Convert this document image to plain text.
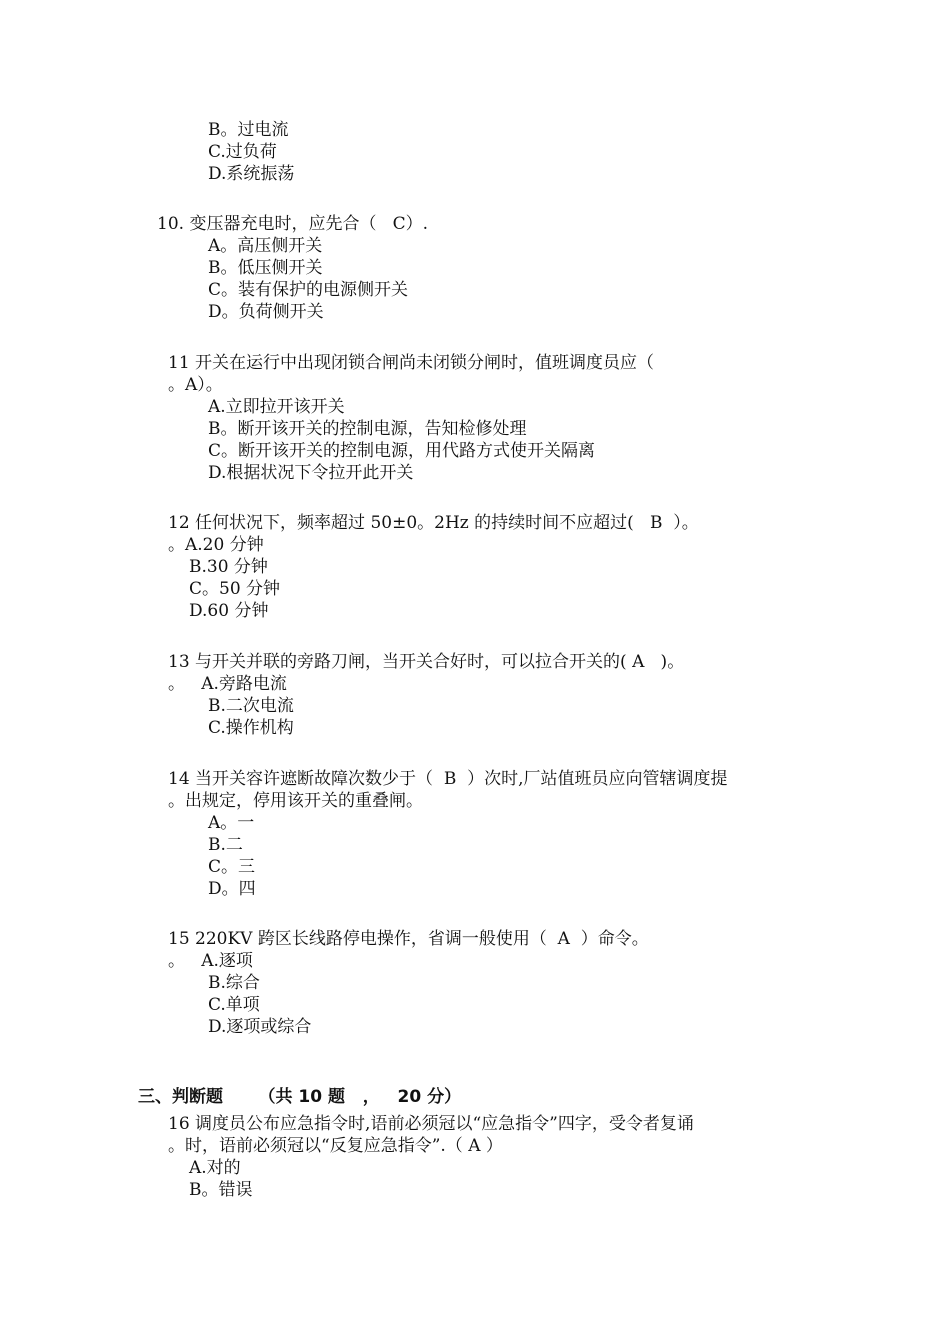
B。过电流
C.过负荷
D.系统振荡
10. 变压器充电时，应先合（   C）.
A。高压侧开关
B。低压侧开关
C。装有保护的电源侧开关
D。负荷侧开关
11 开关在运行中出现闭锁合闸尚未闭锁分闸时，值班调度员应（
。A）。
A.立即拉开该开关
B。断开该开关的控制电源，告知检修处理
C。断开该开关的控制电源，用代路方式使开关隔离
D.根据状况下令拉开此开关
12 任何状况下，频率超过 50±0。2Hz 的持续时间不应超过(   B  ）。
。A.20 分钟
B.30 分钟
C。50 分钟
D.60 分钟
13 与开关并联的旁路刀闸，当开关合好时，可以拉合开关的( A   )。
。   A.旁路电流
B.二次电流
C.操作机构
14 当开关容许遮断故障次数少于（  B  ）次时,厂站值班员应向管辖调度提
。出规定，停用该开关的重叠闸。
A。一
B.二
C。三
D。四
15 220KV 跨区长线路停电操作，省调一般使用（  A  ）命令。
。   A.逐项
B.综合
C.单项
D.逐项或综合
三、判断题      （共 10 题   ，   20 分）
16 调度员公布应急指令时,语前必须冠以“应急指令”四字，受令者复诵
。时，语前必须冠以“反复应急指令”.（ A ）
A.对的
B。错误
